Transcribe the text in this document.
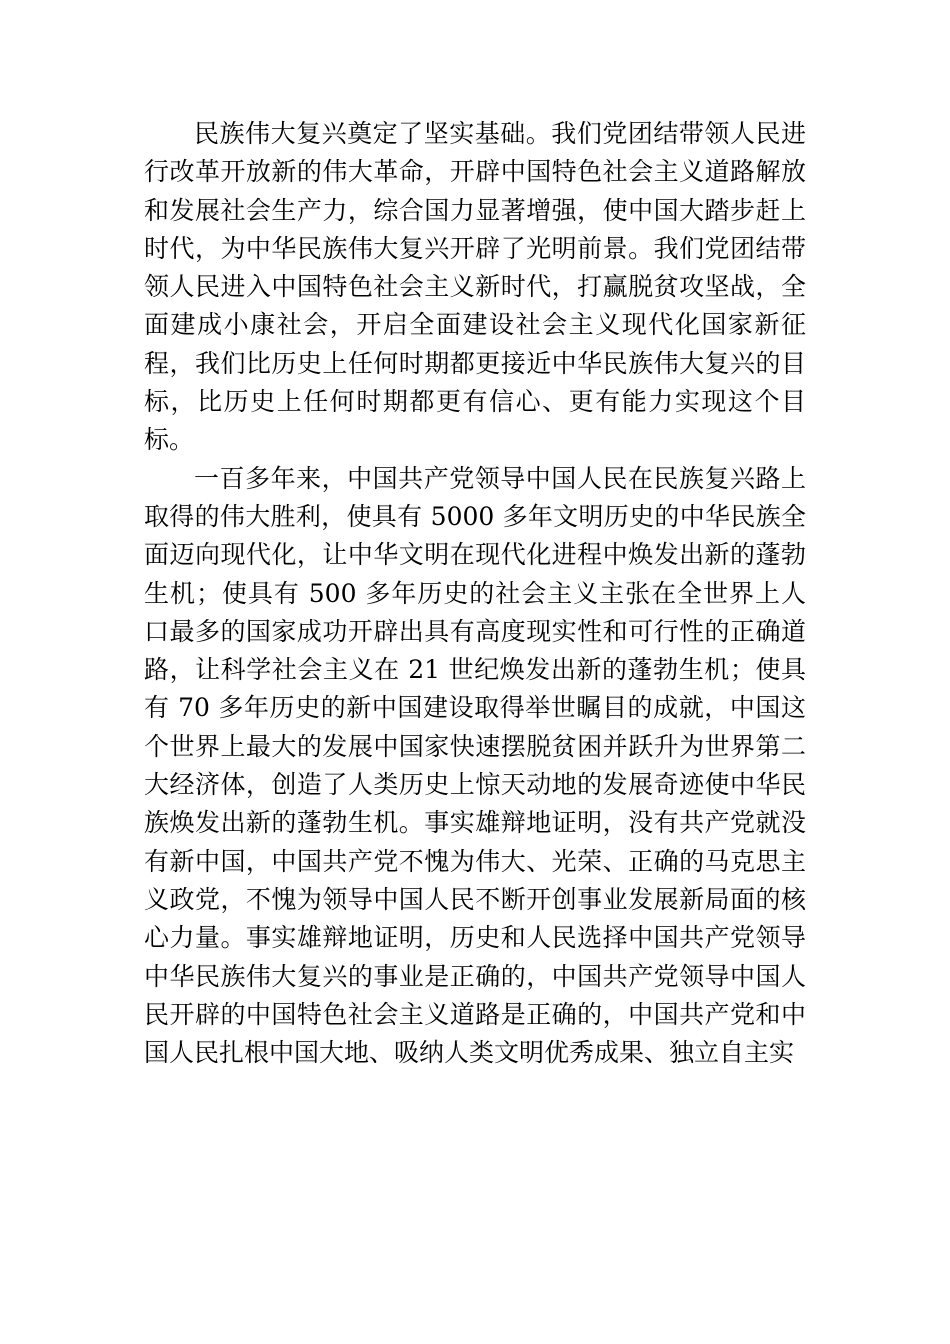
民族伟大复兴奠定了坚实基础。我们党团结带领人民进行改革开放新的伟大革命，开辟中国特色社会主义道路解放和发展社会生产力，综合国力显著增强，使中国大踏步赶上时代，为中华民族伟大复兴开辟了光明前景。我们党团结带领人民进入中国特色社会主义新时代，打赢脱贫攻坚战，全面建成小康社会，开启全面建设社会主义现代化国家新征程，我们比历史上任何时期都更接近中华民族伟大复兴的目标，比历史上任何时期都更有信心、更有能力实现这个目标。

一百多年来，中国共产党领导中国人民在民族复兴路上取得的伟大胜利，使具有 5000 多年文明历史的中华民族全面迈向现代化，让中华文明在现代化进程中焕发出新的蓬勃生机；使具有 500 多年历史的社会主义主张在全世界上人口最多的国家成功开辟出具有高度现实性和可行性的正确道路，让科学社会主义在 21 世纪焕发出新的蓬勃生机；使具有 70 多年历史的新中国建设取得举世瞩目的成就，中国这个世界上最大的发展中国家快速摆脱贫困并跃升为世界第二大经济体，创造了人类历史上惊天动地的发展奇迹使中华民族焕发出新的蓬勃生机。事实雄辩地证明，没有共产党就没有新中国，中国共产党不愧为伟大、光荣、正确的马克思主义政党，不愧为领导中国人民不断开创事业发展新局面的核心力量。事实雄辩地证明，历史和人民选择中国共产党领导中华民族伟大复兴的事业是正确的，中国共产党领导中国人民开辟的中国特色社会主义道路是正确的，中国共产党和中国人民扎根中国大地、吸纳人类文明优秀成果、独立自主实
